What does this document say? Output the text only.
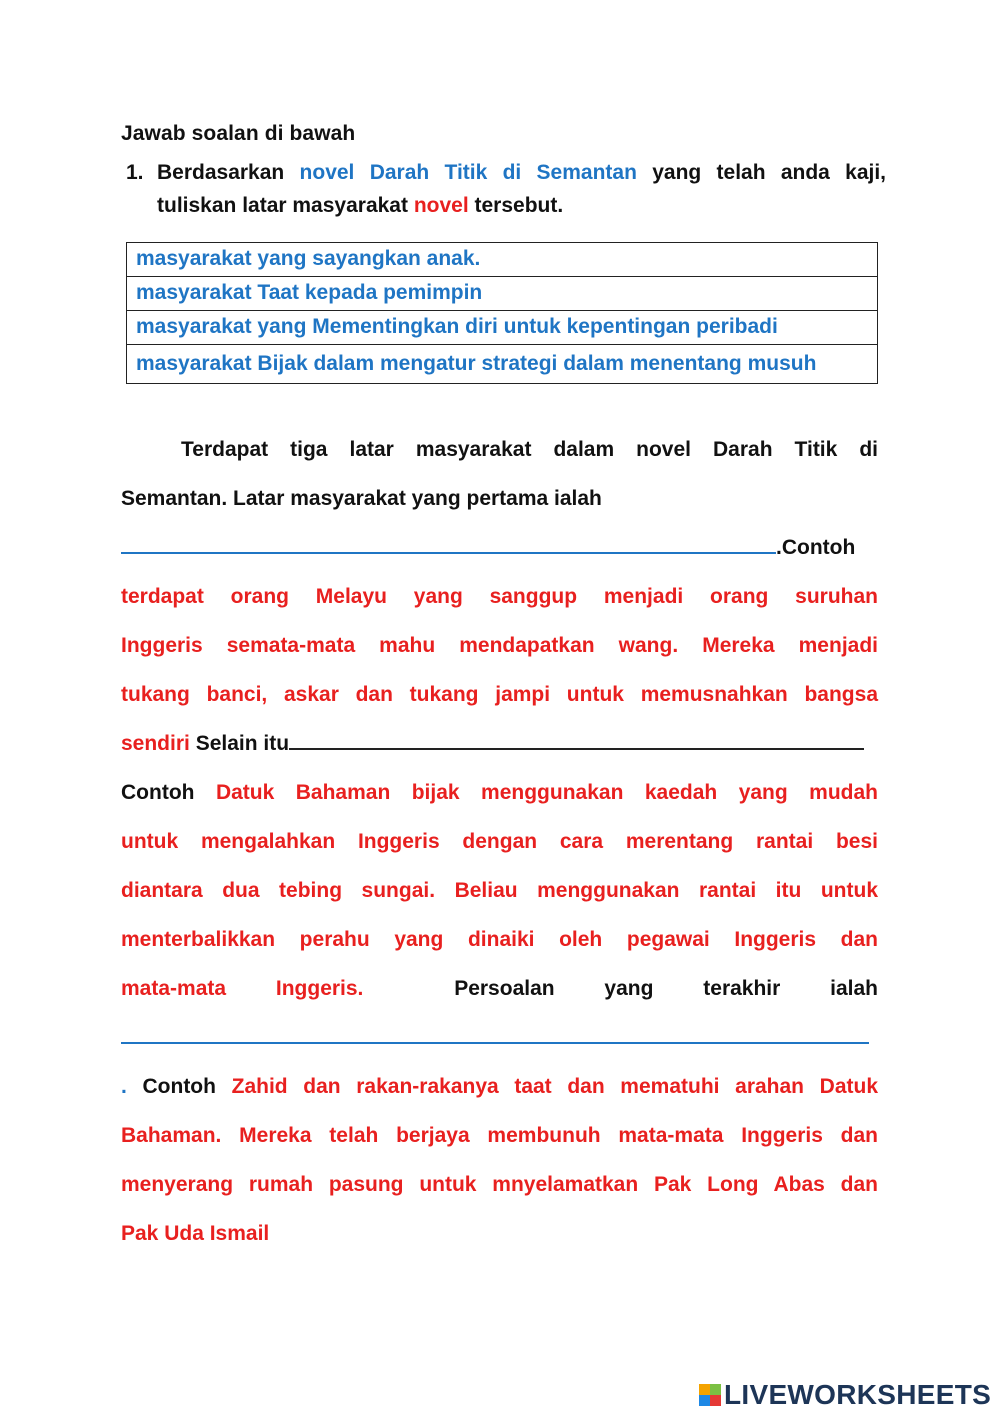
Jawab soalan di bawah
1. Berdasarkan novel Darah Titik di Semantan yang telah anda kaji, tuliskan latar masyarakat novel tersebut.
masyarakat yang sayangkan anak.
masyarakat Taat kepada pemimpin
masyarakat yang Mementingkan diri untuk kepentingan peribadi
masyarakat Bijak dalam mengatur strategi dalam menentang musuh
Terdapat tiga latar masyarakat dalam novel Darah Titik di
Semantan. Latar masyarakat yang pertama ialah
.Contoh
terdapat orang Melayu yang sanggup menjadi orang suruhan
Inggeris semata-mata mahu mendapatkan wang. Mereka menjadi
tukang banci, askar dan tukang jampi untuk memusnahkan bangsa
sendiri Selain itu
Contoh Datuk Bahaman bijak menggunakan kaedah yang mudah
untuk mengalahkan Inggeris dengan cara merentang rantai besi
diantara dua tebing sungai. Beliau menggunakan rantai itu untuk
menterbalikkan perahu yang dinaiki oleh pegawai Inggeris dan
mata-mata Inggeris.	Persoalan yang terakhir ialah
. Contoh Zahid dan rakan-rakanya taat dan mematuhi arahan Datuk
Bahaman. Mereka telah berjaya membunuh mata-mata Inggeris dan
menyerang rumah pasung untuk mnyelamatkan Pak Long Abas dan
Pak Uda Ismail
LIVEWORKSHEETS
